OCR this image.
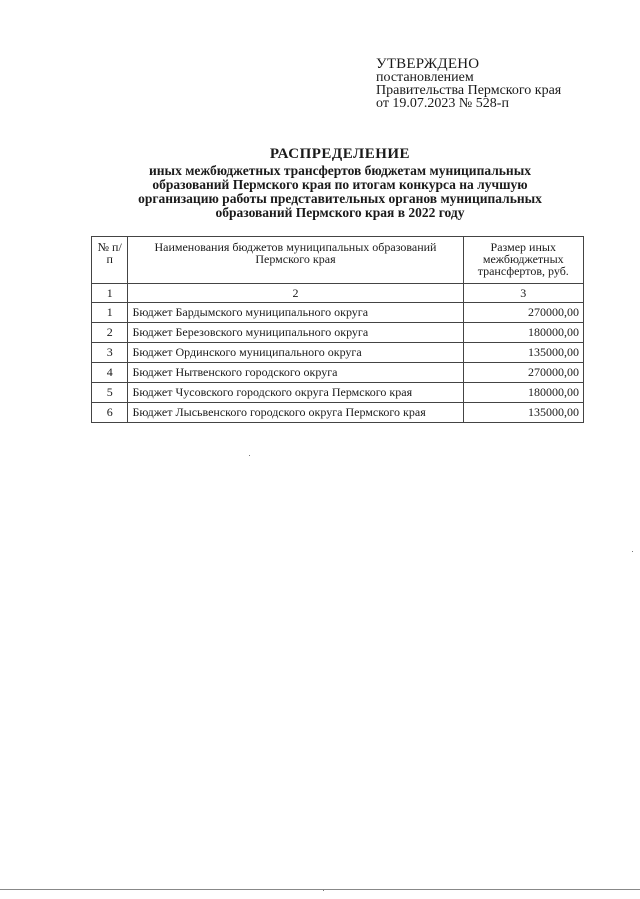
УТВЕРЖДЕНО
постановлением
Правительства Пермского края
от 19.07.2023 № 528-п
РАСПРЕДЕЛЕНИЕ
иных межбюджетных трансфертов бюджетам муниципальных
образований Пермского края по итогам конкурса на лучшую
организацию работы представительных органов муниципальных
образований Пермского края в 2022 году
№ п/п	Наименования бюджетов муниципальных образований Пермского края	Размер иных межбюджетных трансфертов, руб.
1	2	3
1	Бюджет Бардымского муниципального округа	270000,00
2	Бюджет Березовского муниципального округа	180000,00
3	Бюджет Ординского муниципального округа	135000,00
4	Бюджет Нытвенского городского округа	270000,00
5	Бюджет Чусовского городского округа Пермского края	180000,00
6	Бюджет Лысьвенского городского округа Пермского края	135000,00
